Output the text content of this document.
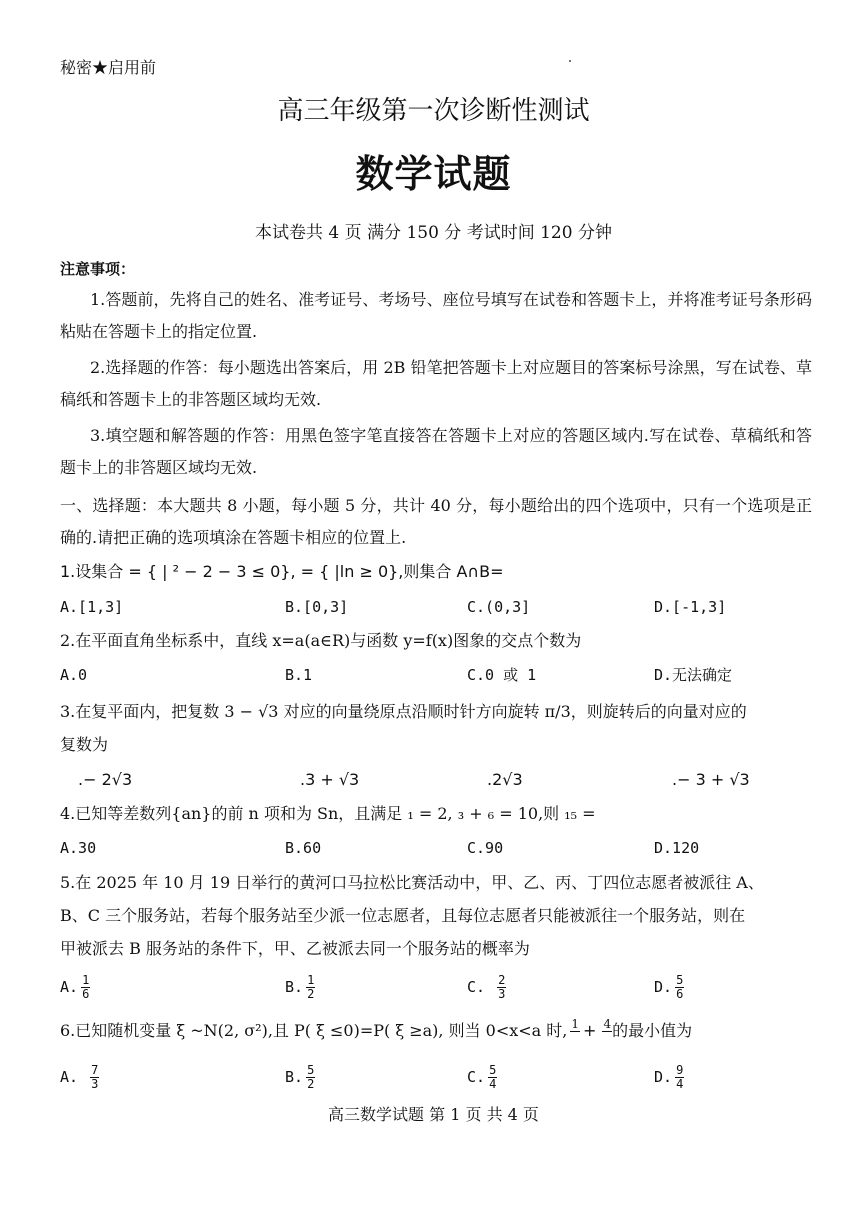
秘密★启用前
高三年级第一次诊断性测试
数学试题
本试卷共 4 页 满分 150 分 考试时间 120 分钟
注意事项：
1.答题前，先将自己的姓名、准考证号、考场号、座位号填写在试卷和答题卡上，并将准考证号条形码粘贴在答题卡上的指定位置.
2.选择题的作答：每小题选出答案后，用 2B 铅笔把答题卡上对应题目的答案标号涂黑，写在试卷、草稿纸和答题卡上的非答题区域均无效.
3.填空题和解答题的作答：用黑色签字笔直接答在答题卡上对应的答题区域内.写在试卷、草稿纸和答题卡上的非答题区域均无效.
一、选择题：本大题共 8 小题，每小题 5 分，共计 40 分，每小题给出的四个选项中，只有一个选项是正确的.请把正确的选项填涂在答题卡相应的位置上.
1.设集合 = { | ² − 2 − 3 ≤ 0}, = { |ln ≥ 0},则集合 A∩B=
A.[1,3]	B.[0,3]	C.(0,3]	D.[-1,3]
2.在平面直角坐标系中，直线 x=a(a∈R)与函数 y=f(x)图象的交点个数为
A.0	B.1	C.0 或 1	D.无法确定
3.在复平面内，把复数 3 − √3 对应的向量绕原点沿顺时针方向旋转 π/3，则旋转后的向量对应的
复数为
.− 2√3	.3 + √3	.2√3	.− 3 + √3
4.已知等差数列{an}的前 n 项和为 Sn，且满足 ₁ = 2, ₃ + ₆ = 10,则 ₁₅ =
A.30	B.60	C.90	D.120
5.在 2025 年 10 月 19 日举行的黄河口马拉松比赛活动中，甲、乙、丙、丁四位志愿者被派往 A、
B、C 三个服务站，若每个服务站至少派一位志愿者，且每位志愿者只能被派往一个服务站，则在
甲被派去 B 服务站的条件下，甲、乙被派去同一个服务站的概率为
A. $\frac{1}{6}$	B. $\frac{1}{2}$	C. $\frac{2}{3}$	D. $\frac{5}{6}$
6.已知随机变量 ξ ~N(2, σ²),且 P( ξ ≤0)=P( ξ ≥a), 则当 0<x<a 时, 1
+ 4
的最小值为
A. $\frac{7}{3}$	B. $\frac{5}{2}$	C. $\frac{5}{4}$	D. $\frac{9}{4}$
高三数学试题 第 1 页 共 4 页
